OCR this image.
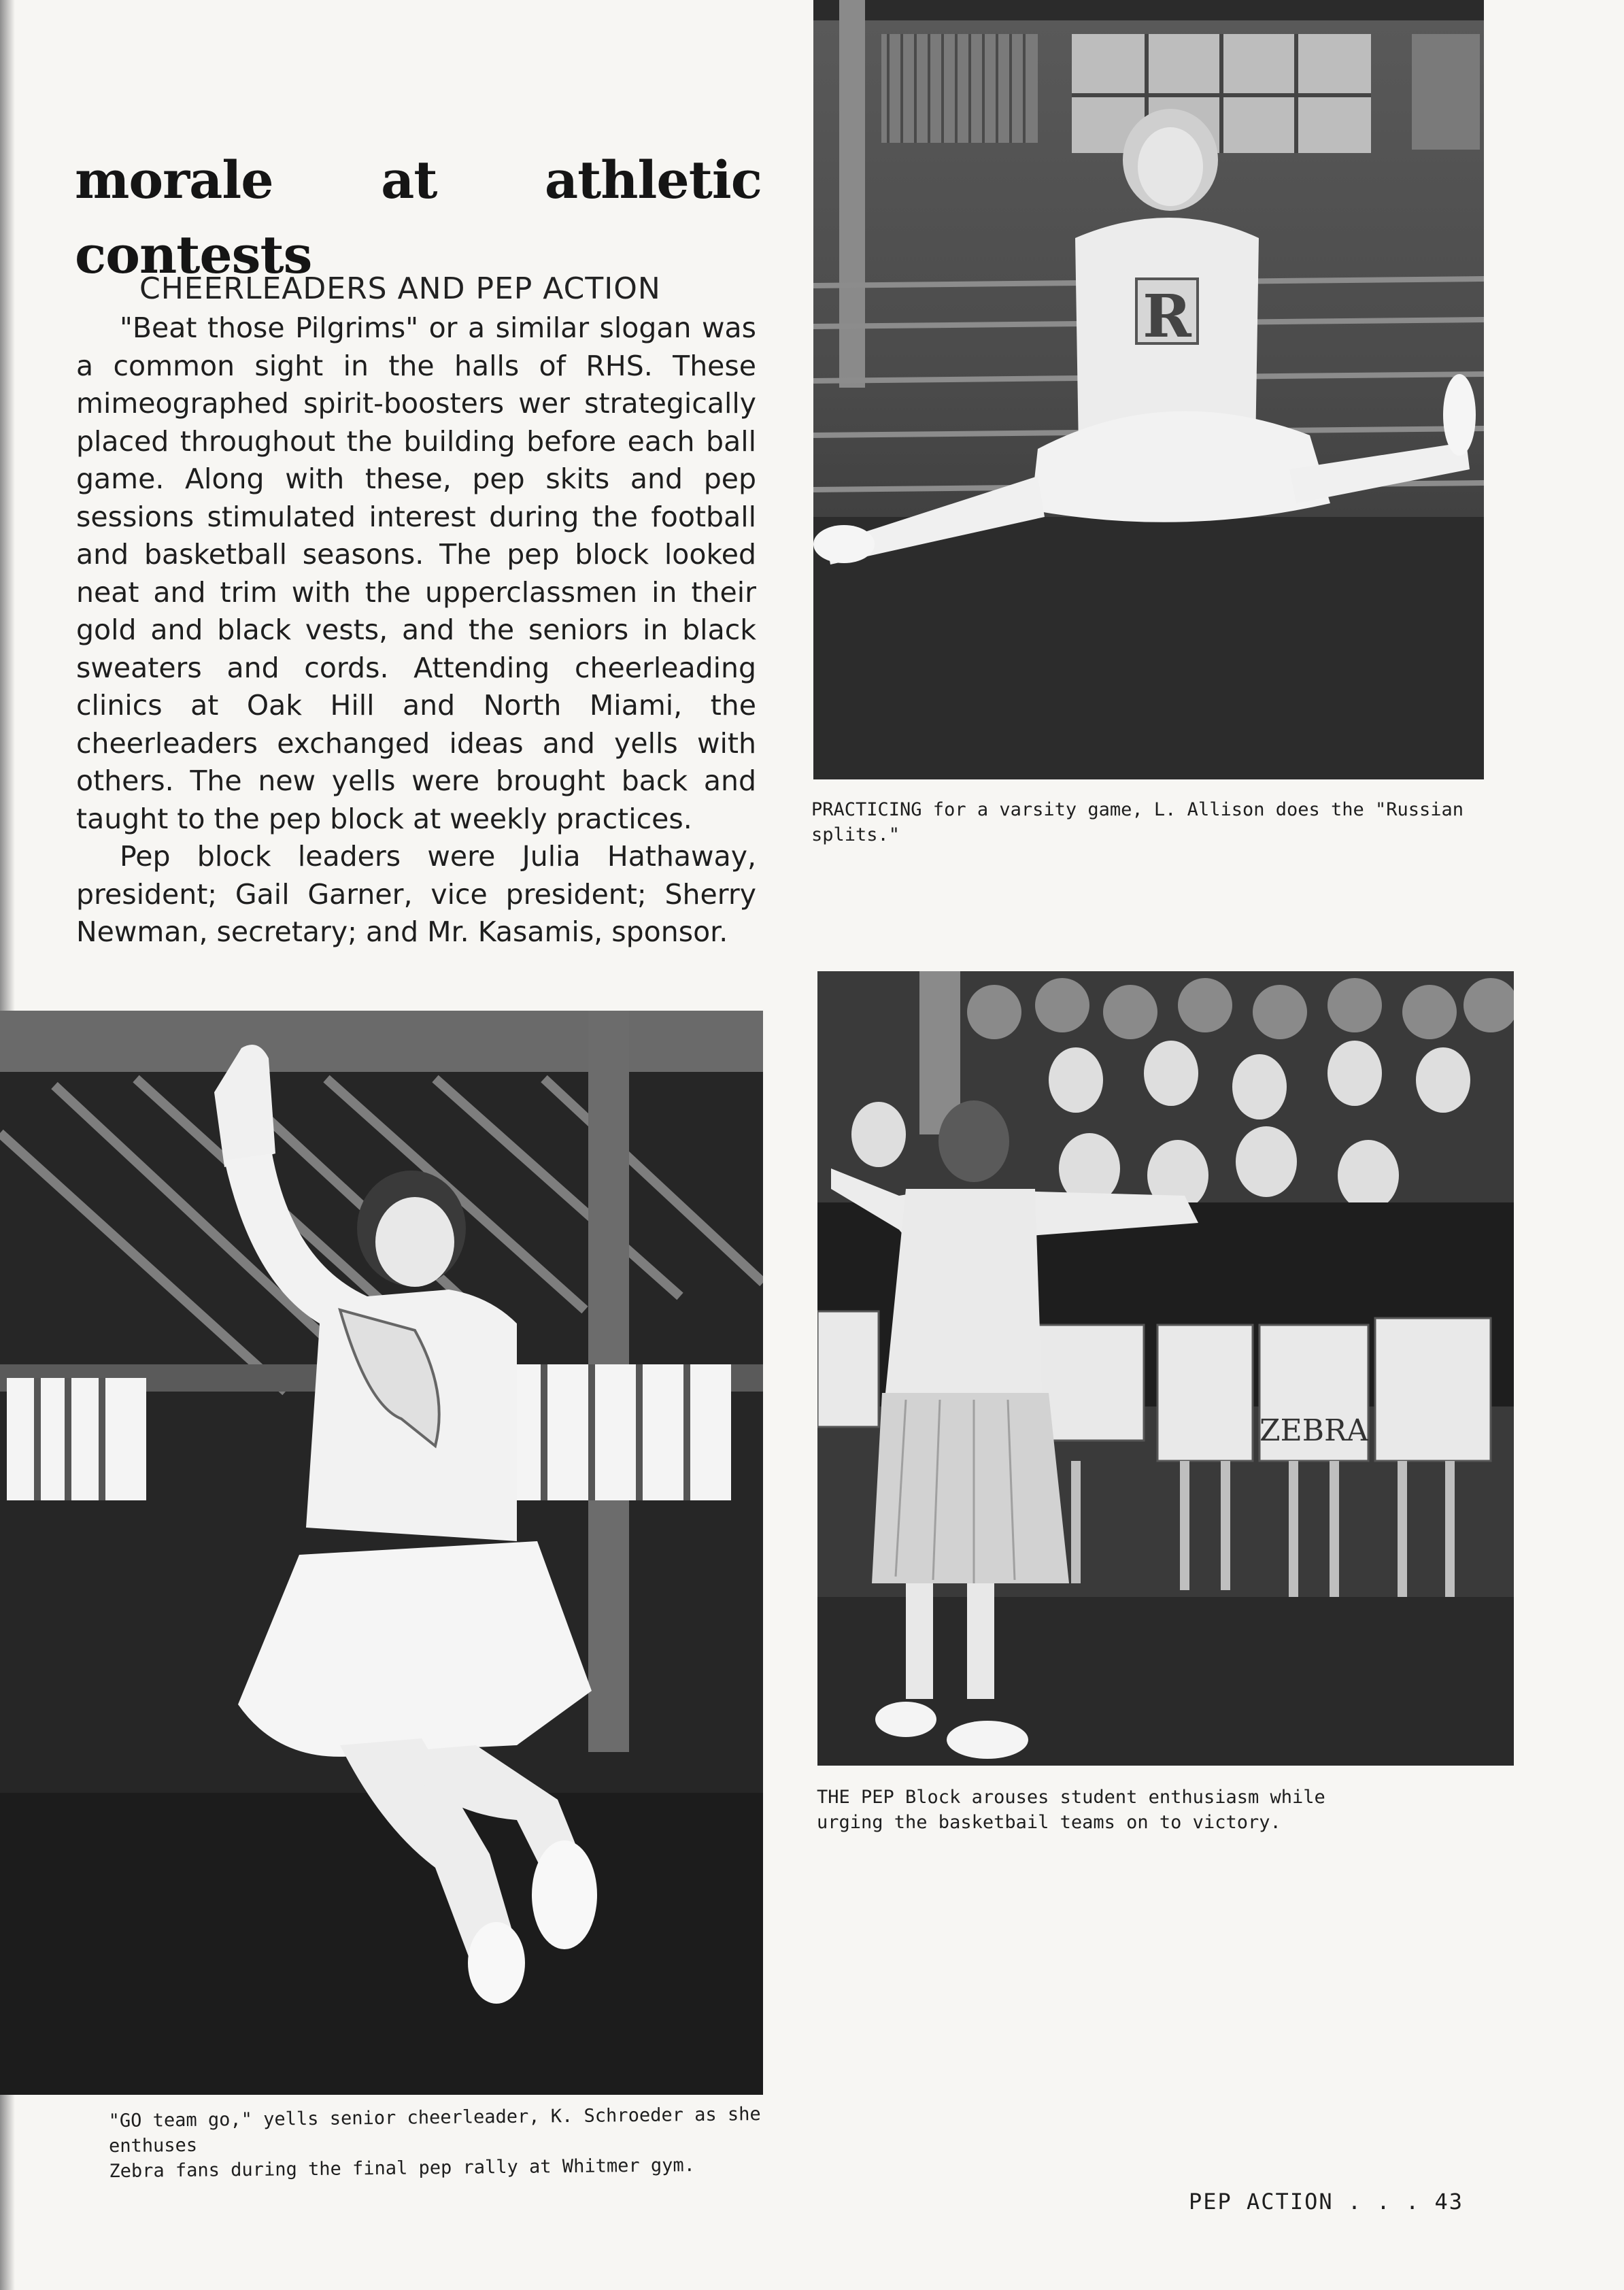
morale at athletic contests
CHEERLEADERS AND PEP ACTION

"Beat those Pilgrims" or a similar slogan was a common sight in the halls of RHS. These mimeographed spirit-boosters wer strategically placed throughout the building before each ball game. Along with these, pep skits and pep sessions stimulated interest during the football and basketball seasons. The pep block looked neat and trim with the upperclassmen in their gold and black vests, and the seniors in black sweaters and cords. Attending cheerleading clinics at Oak Hill and North Miami, the cheerleaders exchanged ideas and yells with others. The new yells were brought back and taught to the pep block at weekly practices.

Pep block leaders were Julia Hathaway, president; Gail Garner, vice president; Sherry Newman, secretary; and Mr. Kasamis, sponsor.

R

PRACTICING for a varsity game, L. Allison does the "Russian splits."

"GO team go," yells senior cheerleader, K. Schroeder as she enthuses
Zebra fans during the final pep rally at Whitmer gym.

ZEBRA

THE PEP Block arouses student enthusiasm while
urging the basketbail teams on to victory.

PEP ACTION . . . 43
